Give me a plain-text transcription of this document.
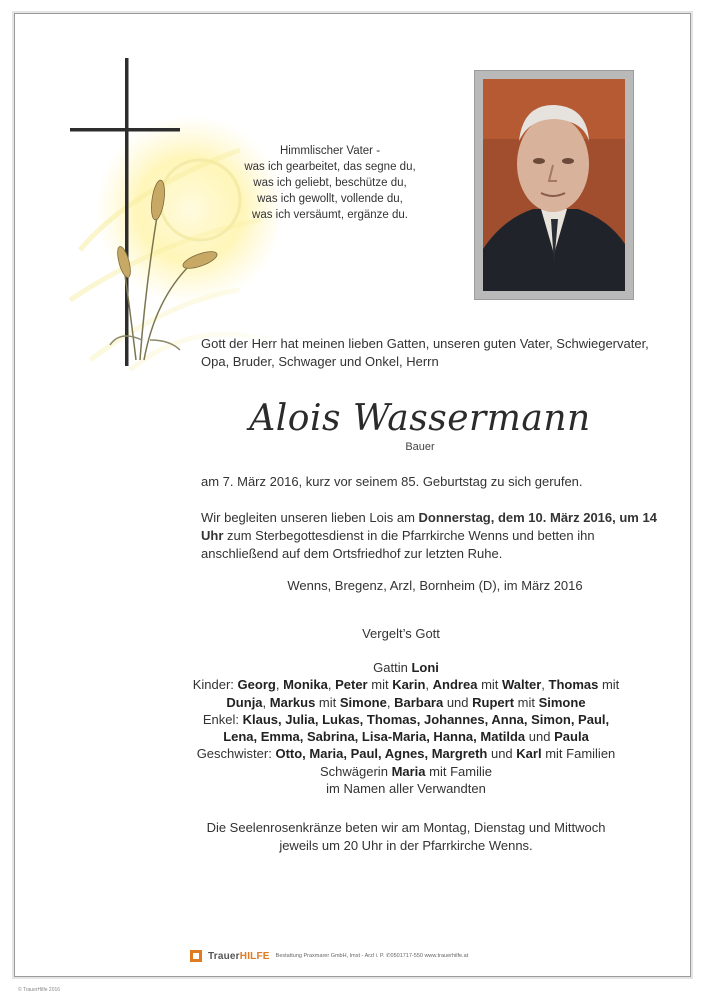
Himmlischer Vater -
was ich gearbeitet, das segne du,
was ich geliebt, beschütze du,
was ich gewollt, vollende du,
was ich versäumt, ergänze du.
Gott der Herr hat meinen lieben Gatten, unseren guten Vater, Schwiegervater, Opa, Bruder, Schwager und Onkel, Herrn
Alois Wassermann
Bauer
am 7. März 2016, kurz vor seinem 85. Geburtstag zu sich gerufen.
Wir begleiten unseren lieben Lois am Donnerstag, dem 10. März 2016, um 14 Uhr zum Sterbegottesdienst in die Pfarrkirche Wenns und betten ihn anschließend auf dem Ortsfriedhof zur letzten Ruhe.
Wenns, Bregenz, Arzl, Bornheim (D), im März 2016
Vergelt’s Gott
Gattin Loni
Kinder: Georg, Monika, Peter mit Karin, Andrea mit Walter, Thomas mit Dunja, Markus mit Simone, Barbara und Rupert mit Simone
Enkel: Klaus, Julia, Lukas, Thomas, Johannes, Anna, Simon, Paul, Lena, Emma, Sabrina, Lisa-Maria, Hanna, Matilda und Paula
Geschwister: Otto, Maria, Paul, Agnes, Margreth und Karl mit Familien
Schwägerin Maria mit Familie
im Namen aller Verwandten
Die Seelenrosenkränze beten wir am Montag, Dienstag und Mittwoch jeweils um 20 Uhr in der Pfarrkirche Wenns.
TrauerHILFE Bestattung Praxmarer GmbH, Imst - Arzl i. P. ✆0501717-550 www.trauerhilfe.at
© TrauerHilfe 2016
